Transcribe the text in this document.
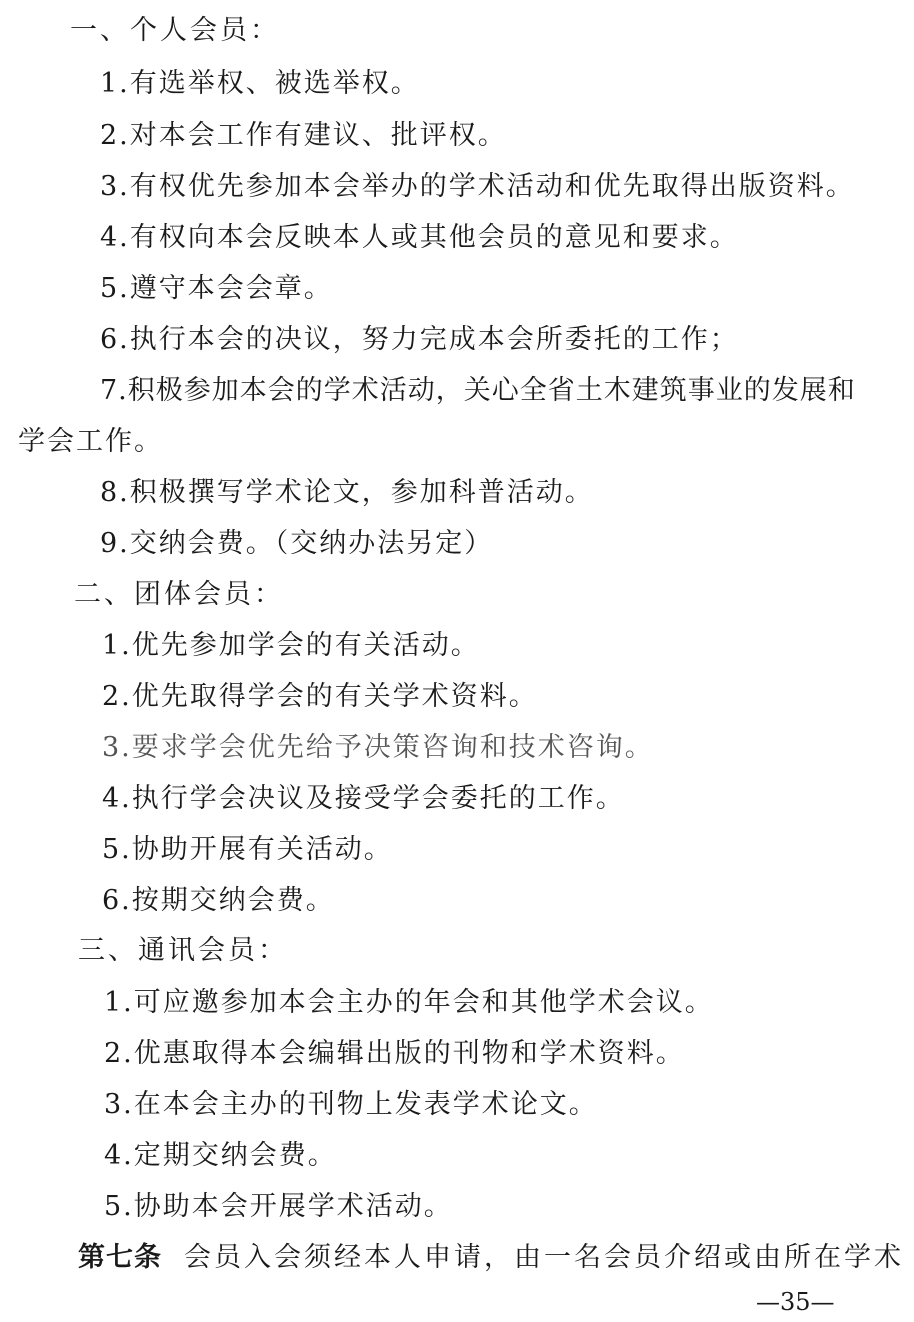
一、个人会员：
1.有选举权、被选举权。
2.对本会工作有建议、批评权。
3.有权优先参加本会举办的学术活动和优先取得出版资料。
4.有权向本会反映本人或其他会员的意见和要求。
5.遵守本会会章。
6.执行本会的决议，努力完成本会所委托的工作；
7.积极参加本会的学术活动，关心全省土木建筑事业的发展和
学会工作。
8.积极撰写学术论文，参加科普活动。
9.交纳会费。（交纳办法另定）
二、团体会员：
1.优先参加学会的有关活动。
2.优先取得学会的有关学术资料。
3.要求学会优先给予决策咨询和技术咨询。
4.执行学会决议及接受学会委托的工作。
5.协助开展有关活动。
6.按期交纳会费。
三、通讯会员：
1.可应邀参加本会主办的年会和其他学术会议。
2.优惠取得本会编辑出版的刊物和学术资料。
3.在本会主办的刊物上发表学术论文。
4.定期交纳会费。
5.协助本会开展学术活动。
第七条 会员入会须经本人申请，由一名会员介绍或由所在学术
—35—
